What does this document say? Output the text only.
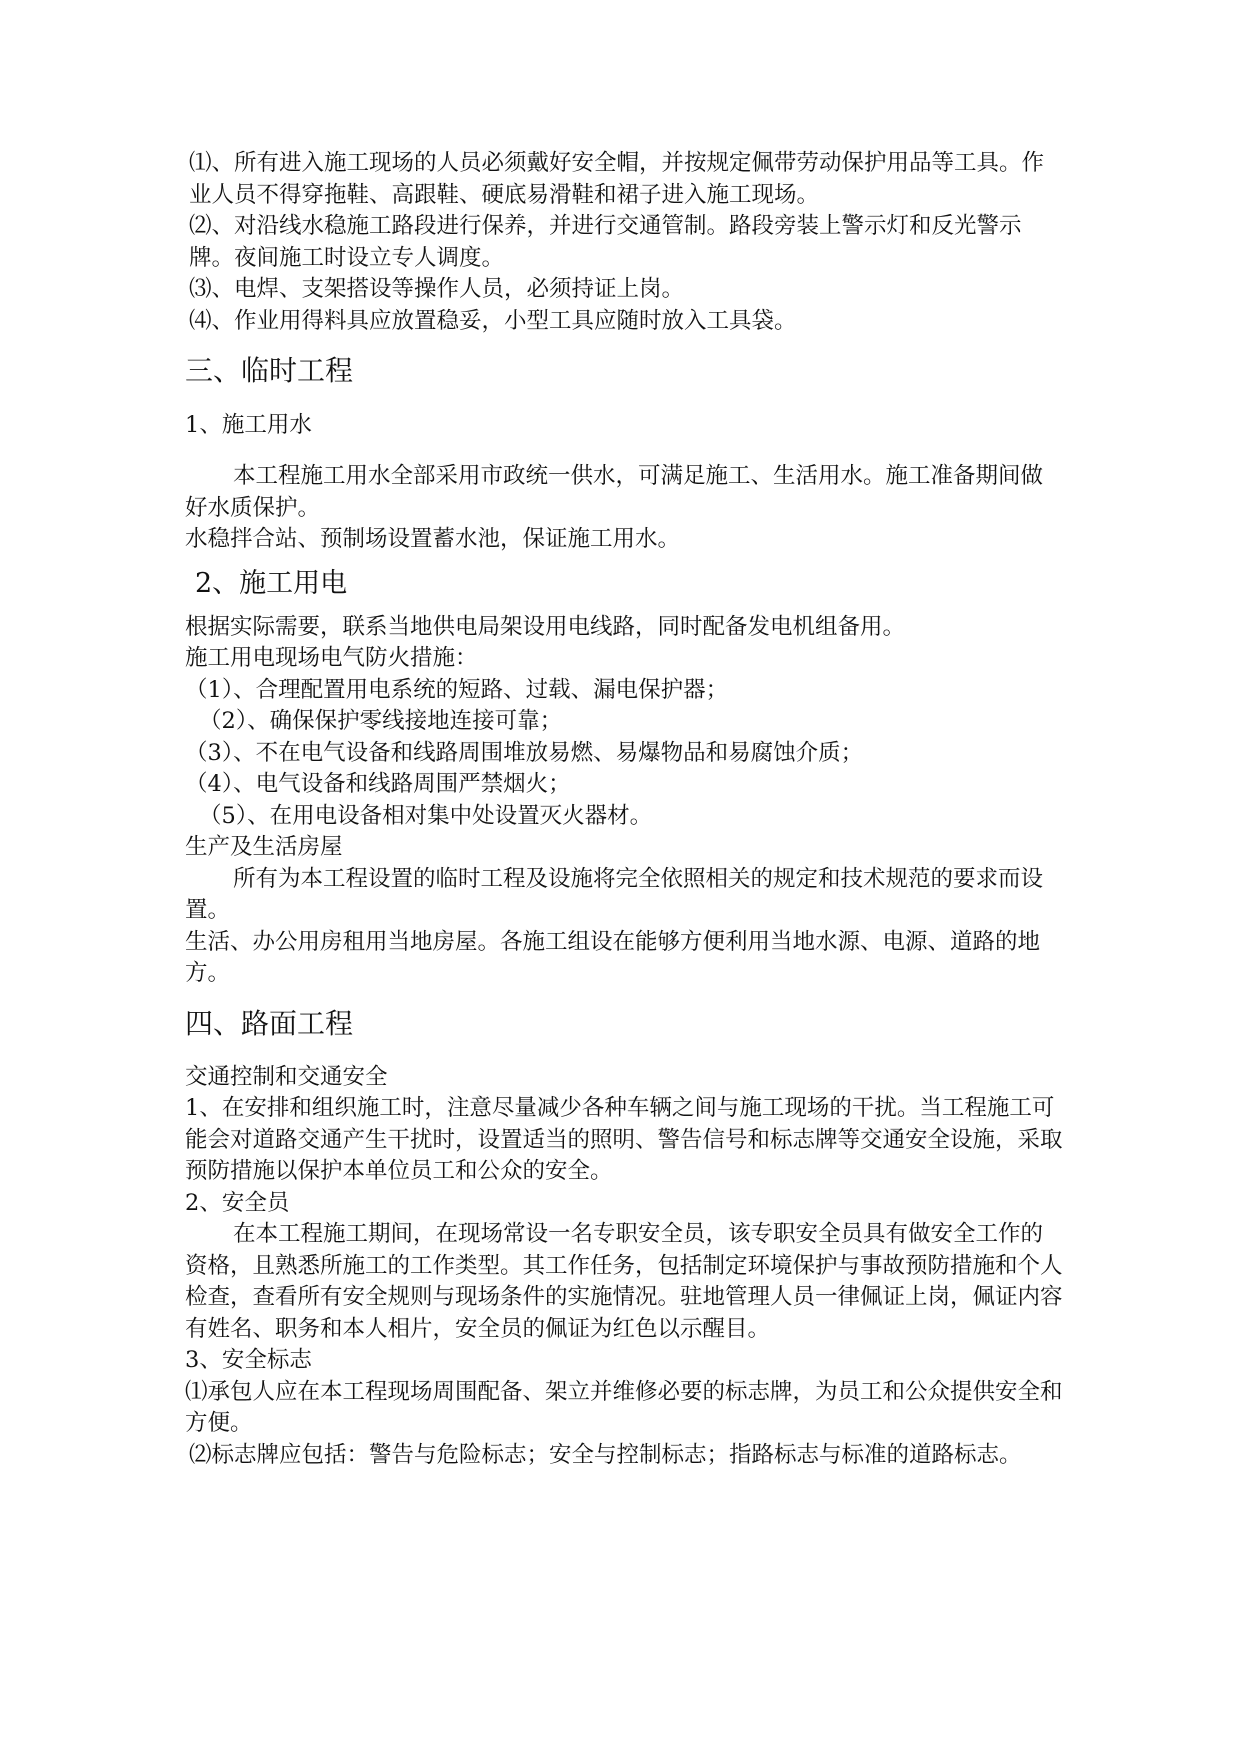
⑴、所有进入施工现场的人员必须戴好安全帽，并按规定佩带劳动保护用品等工具。作业人员不得穿拖鞋、高跟鞋、硬底易滑鞋和裙子进入施工现场。
⑵、对沿线水稳施工路段进行保养，并进行交通管制。路段旁装上警示灯和反光警示牌。夜间施工时设立专人调度。
⑶、电焊、支架搭设等操作人员，必须持证上岗。
⑷、作业用得料具应放置稳妥，小型工具应随时放入工具袋。
三、临时工程
1、施工用水
本工程施工用水全部采用市政统一供水，可满足施工、生活用水。施工准备期间做好水质保护。
水稳拌合站、预制场设置蓄水池，保证施工用水。
2、施工用电
根据实际需要，联系当地供电局架设用电线路，同时配备发电机组备用。
施工用电现场电气防火措施：
（1）、合理配置用电系统的短路、过载、漏电保护器；
（2）、确保保护零线接地连接可靠；
（3）、不在电气设备和线路周围堆放易燃、易爆物品和易腐蚀介质；
（4）、电气设备和线路周围严禁烟火；
（5）、在用电设备相对集中处设置灭火器材。
生产及生活房屋
所有为本工程设置的临时工程及设施将完全依照相关的规定和技术规范的要求而设置。
生活、办公用房租用当地房屋。各施工组设在能够方便利用当地水源、电源、道路的地方。
四、路面工程
交通控制和交通安全
1、在安排和组织施工时，注意尽量减少各种车辆之间与施工现场的干扰。当工程施工可能会对道路交通产生干扰时，设置适当的照明、警告信号和标志牌等交通安全设施，采取预防措施以保护本单位员工和公众的安全。
2、安全员
在本工程施工期间，在现场常设一名专职安全员，该专职安全员具有做安全工作的资格，且熟悉所施工的工作类型。其工作任务，包括制定环境保护与事故预防措施和个人检查，查看所有安全规则与现场条件的实施情况。驻地管理人员一律佩证上岗，佩证内容有姓名、职务和本人相片，安全员的佩证为红色以示醒目。
3、安全标志
⑴承包人应在本工程现场周围配备、架立并维修必要的标志牌，为员工和公众提供安全和方便。
⑵标志牌应包括：警告与危险标志；安全与控制标志；指路标志与标准的道路标志。
